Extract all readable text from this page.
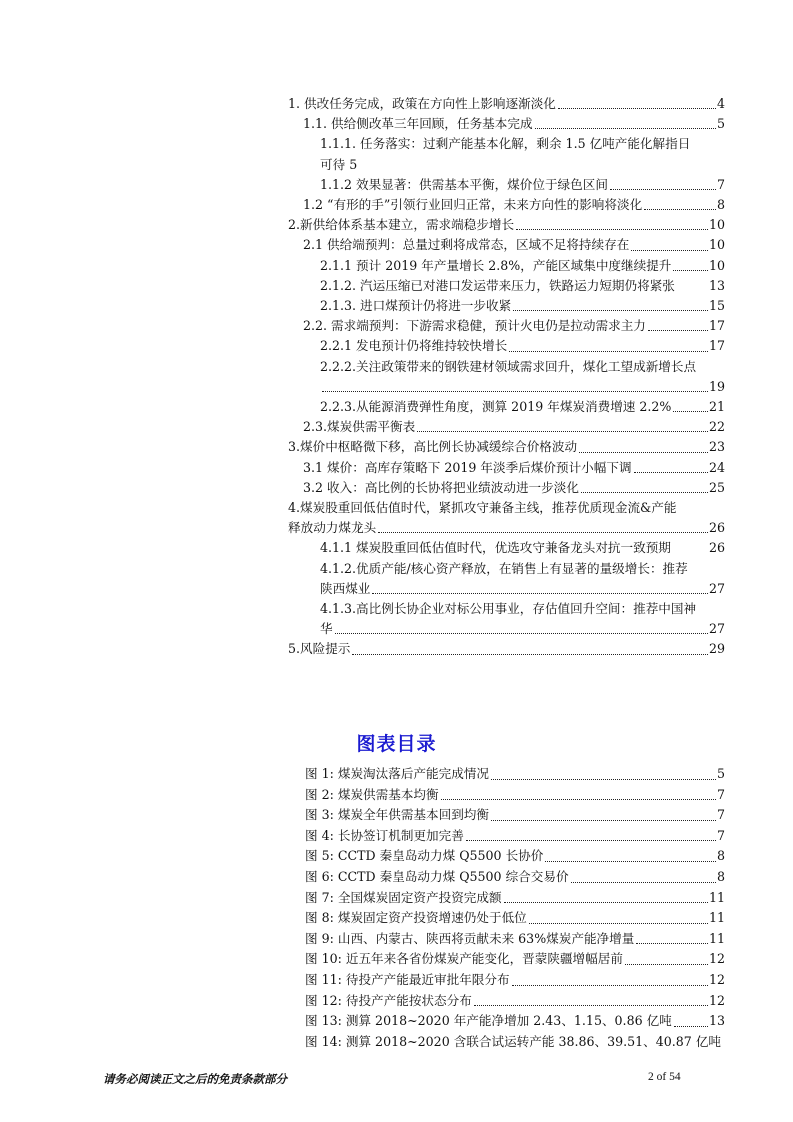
1. 供改任务完成，政策在方向性上影响逐渐淡化	4
1.1. 供给侧改革三年回顾，任务基本完成	5
1.1.1. 任务落实：过剩产能基本化解，剩余 1.5 亿吨产能化解指日
可待 5
1.1.2 效果显著：供需基本平衡，煤价位于绿色区间	7
1.2 “有形的手”引领行业回归正常，未来方向性的影响将淡化	8
2.新供给体系基本建立，需求端稳步增长	10
2.1 供给端预判：总量过剩将成常态，区域不足将持续存在	10
2.1.1 预计 2019 年产量增长 2.8%，产能区域集中度继续提升	10
2.1.2. 汽运压缩已对港口发运带来压力，铁路运力短期仍将紧张	13
2.1.3. 进口煤预计仍将进一步收紧	15
2.2. 需求端预判：下游需求稳健，预计火电仍是拉动需求主力	17
2.2.1 发电预计仍将维持较快增长	17
2.2.2.关注政策带来的钢铁建材领域需求回升，煤化工望成新增长点
19
2.2.3.从能源消费弹性角度，测算 2019 年煤炭消费增速 2.2%	21
2.3.煤炭供需平衡表	22
3.煤价中枢略微下移，高比例长协减缓综合价格波动	23
3.1 煤价：高库存策略下 2019 年淡季后煤价预计小幅下调	24
3.2 收入：高比例的长协将把业绩波动进一步淡化	25
4.煤炭股重回低估值时代，紧抓攻守兼备主线，推荐优质现金流&产能
释放动力煤龙头	26
4.1.1 煤炭股重回低估值时代，优选攻守兼备龙头对抗一致预期	26
4.1.2.优质产能/核心资产释放，在销售上有显著的量级增长：推荐
陕西煤业	27
4.1.3.高比例长协企业对标公用事业，存估值回升空间：推荐中国神
华	27
5.风险提示	29
图表目录
图 1: 煤炭淘汰落后产能完成情况	5
图 2: 煤炭供需基本均衡	7
图 3: 煤炭全年供需基本回到均衡	7
图 4: 长协签订机制更加完善	7
图 5: CCTD 秦皇岛动力煤 Q5500 长协价	8
图 6: CCTD 秦皇岛动力煤 Q5500 综合交易价	8
图 7: 全国煤炭固定资产投资完成额	11
图 8: 煤炭固定资产投资增速仍处于低位	11
图 9: 山西、内蒙古、陕西将贡献未来 63%煤炭产能净增量	11
图 10: 近五年来各省份煤炭产能变化，晋蒙陕疆增幅居前	12
图 11: 待投产产能最近审批年限分布	12
图 12: 待投产产能按状态分布	12
图 13: 测算 2018~2020 年产能净增加 2.43、1.15、0.86 亿吨	13
图 14: 测算 2018~2020 含联合试运转产能 38.86、39.51、40.87 亿吨
请务必阅读正文之后的免责条款部分	2 of 54
